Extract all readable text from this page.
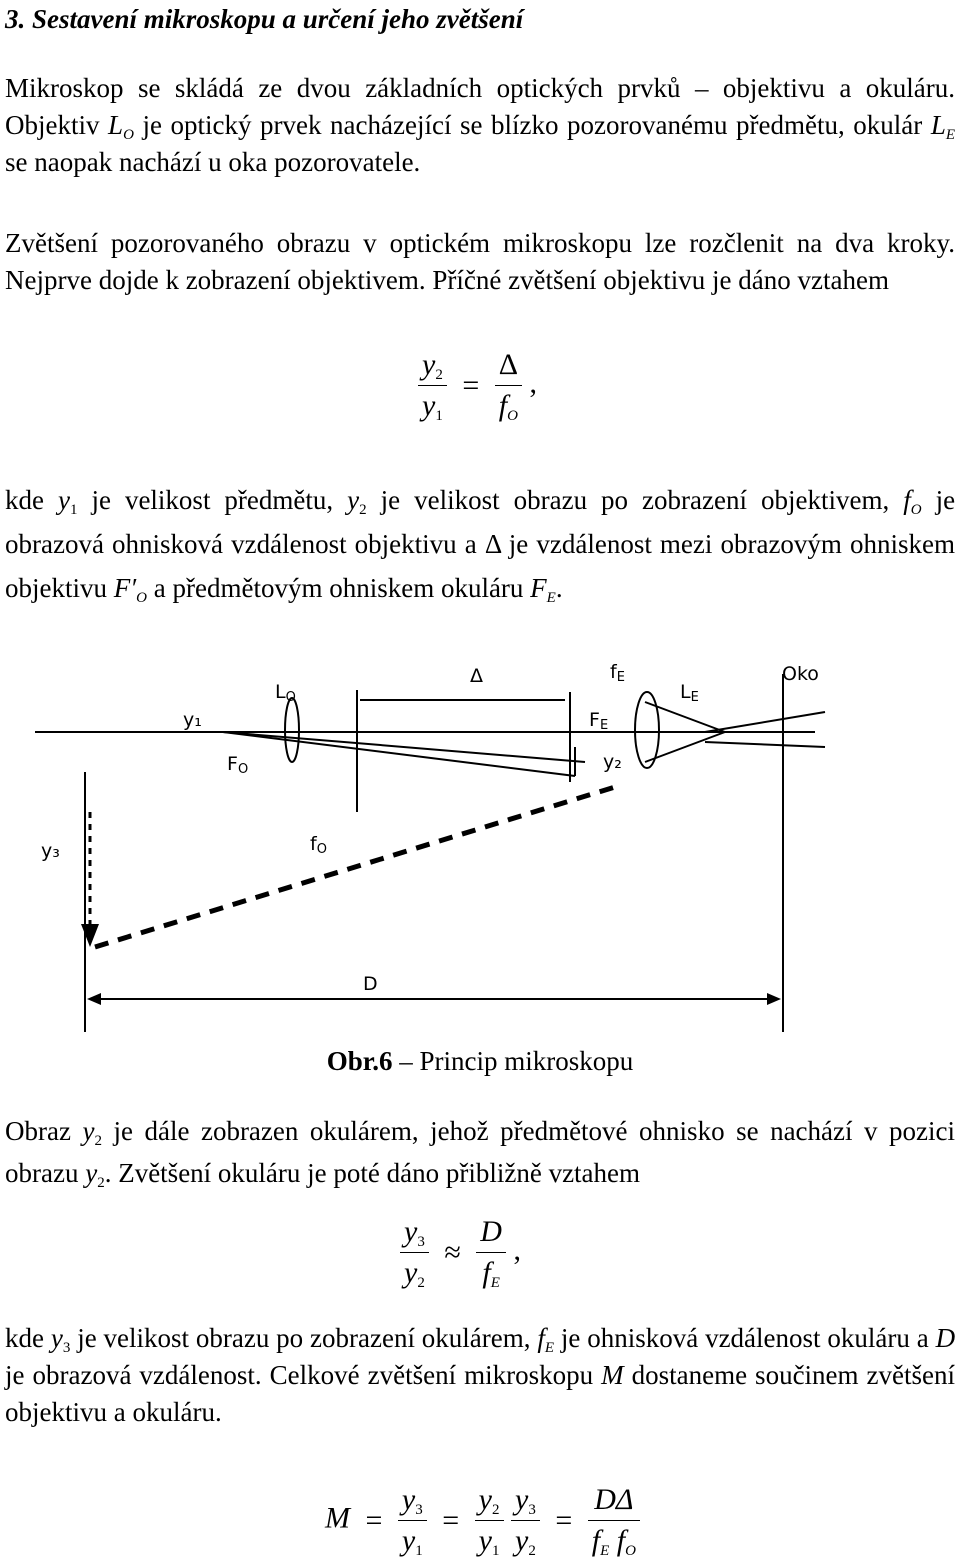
3. Sestavení mikroskopu a určení jeho zvětšení

Mikroskop se skládá ze dvou základních optických prvků – objektivu a okuláru. Objektiv $L_O$ je optický prvek nacházející se blízko pozorovanému předmětu, okulár $L_E$ se naopak nachází u oka pozorovatele.

Zvětšení pozorovaného obrazu v optickém mikroskopu lze rozčlenit na dva kroky. Nejprve dojde k zobrazení objektivem. Příčné zvětšení objektivu je dáno vztahem

$\frac{y_2}{y_1} = \frac{\Delta}{f_O}$ ,

kde $y_1$ je velikost předmětu, $y_2$ je velikost obrazu po zobrazení objektivem, $f_O$ je obrazová ohnisková vzdálenost objektivu a Δ je vzdálenost mezi obrazovým ohniskem objektivu $F'_O$ a předmětovým ohniskem okuláru $F_E$.

y₁
LO
FO
fO
Δ	fE
FE
LE
y₂
Oko
y₃
D
Obr.6 – Princip mikroskopu

Obraz $y_2$ je dále zobrazen okulárem, jehož předmětové ohnisko se nachází v pozici obrazu $y_2$. Zvětšení okuláru je poté dáno přibližně vztahem

$\frac{y_3}{y_2} \approx \frac{D}{f_E}$ ,

kde $y_3$ je velikost obrazu po zobrazení okulárem, $f_E$ je ohnisková vzdálenost okuláru a D je obrazová vzdálenost. Celkové zvětšení mikroskopu M dostaneme součinem zvětšení objektivu a okuláru.

$M = \frac{y_3}{y_1} = \frac{y_2}{y_1}$
$\frac{y_3}{y_2} = \frac{D\Delta}{f_E f_O}$
